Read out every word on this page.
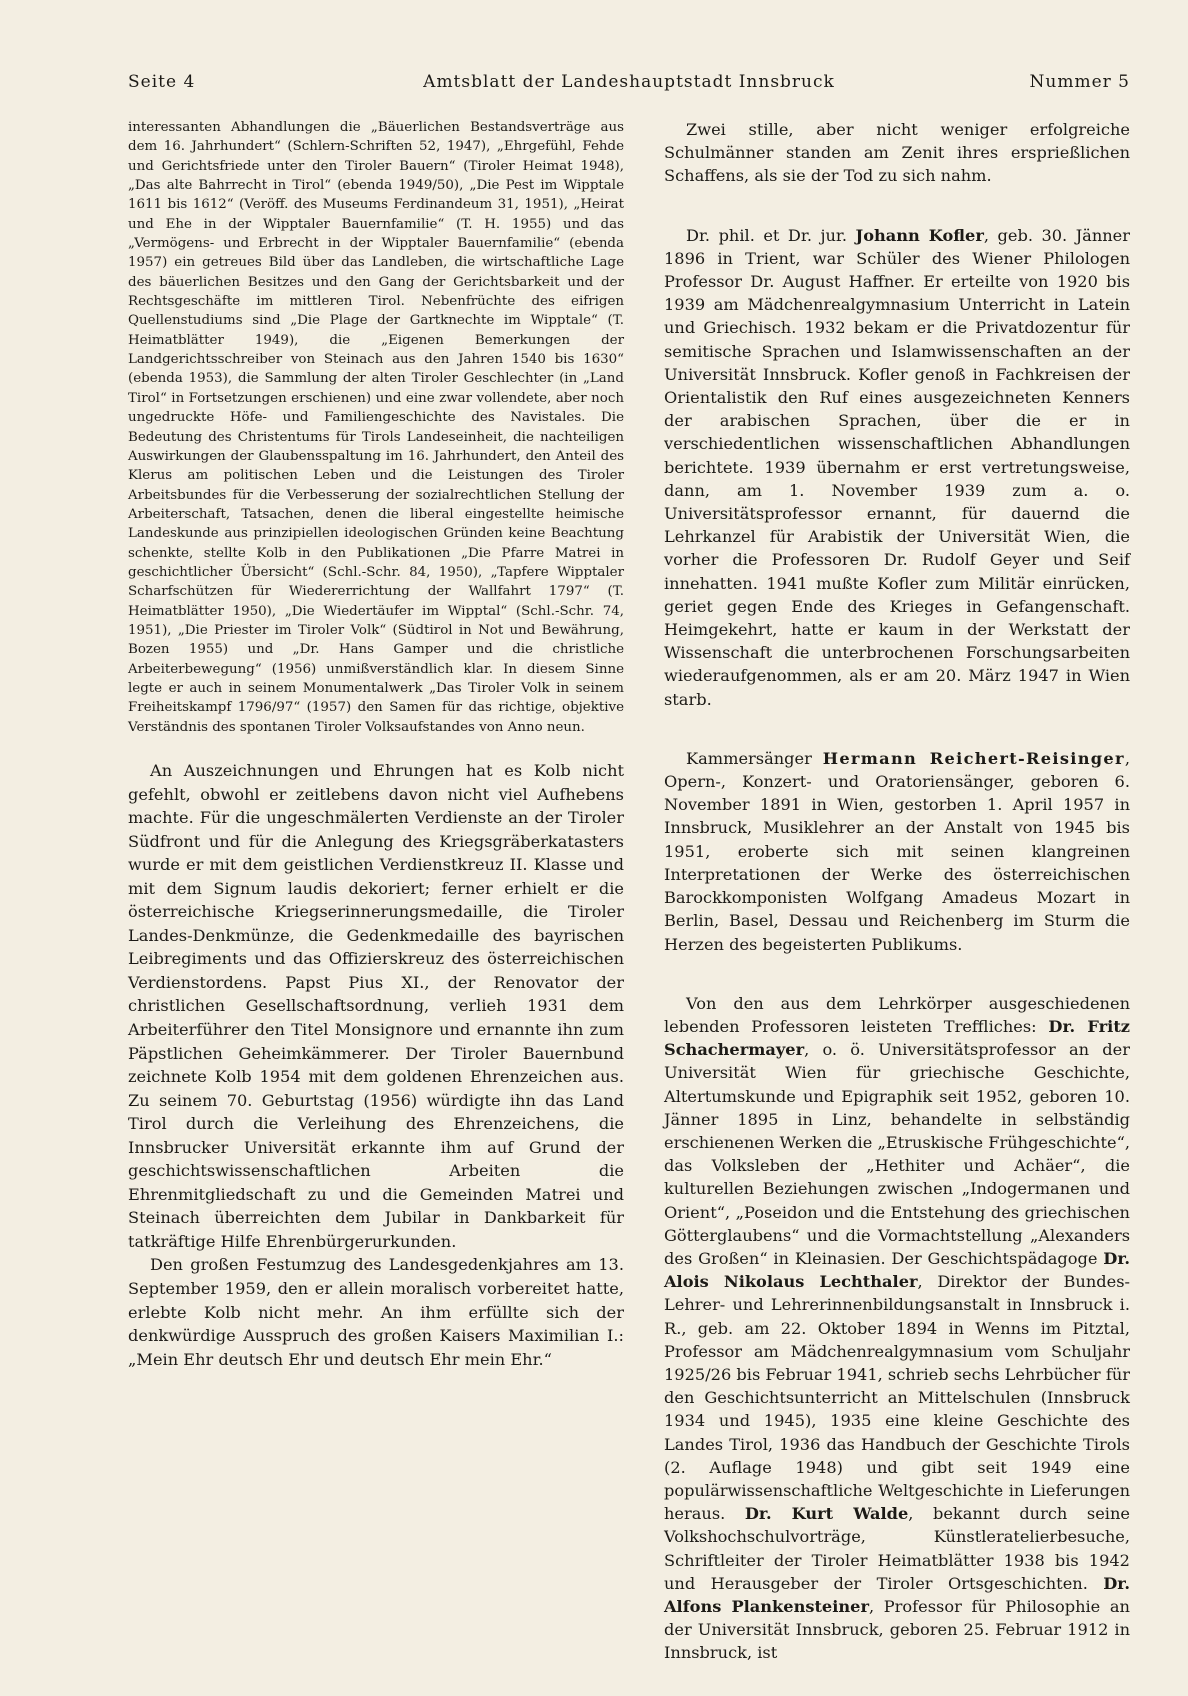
Seite 4	Amtsblatt der Landeshauptstadt Innsbruck	Nummer 5

interessanten Abhandlungen die „Bäuerlichen Bestandsverträge aus dem 16. Jahrhundert“ (Schlern-Schriften 52, 1947), „Ehrgefühl, Fehde und Gerichtsfriede unter den Tiroler Bauern“ (Tiroler Heimat 1948), „Das alte Bahrrecht in Tirol“ (ebenda 1949/50), „Die Pest im Wipptale 1611 bis 1612“ (Veröff. des Museums Ferdinandeum 31, 1951), „Heirat und Ehe in der Wipptaler Bauernfamilie“ (T. H. 1955) und das „Vermögens- und Erbrecht in der Wipptaler Bauernfamilie“ (ebenda 1957) ein getreues Bild über das Landleben, die wirtschaftliche Lage des bäuerlichen Besitzes und den Gang der Gerichtsbarkeit und der Rechtsgeschäfte im mittleren Tirol. Nebenfrüchte des eifrigen Quellenstudiums sind „Die Plage der Gartknechte im Wipptale“ (T. Heimatblätter 1949), die „Eigenen Bemerkungen der Landgerichtsschreiber von Steinach aus den Jahren 1540 bis 1630“ (ebenda 1953), die Sammlung der alten Tiroler Geschlechter (in „Land Tirol“ in Fortsetzungen erschienen) und eine zwar vollendete, aber noch ungedruckte Höfe- und Familiengeschichte des Navistales. Die Bedeutung des Christentums für Tirols Landeseinheit, die nachteiligen Auswirkungen der Glaubensspaltung im 16. Jahrhundert, den Anteil des Klerus am politischen Leben und die Leistungen des Tiroler Arbeitsbundes für die Verbesserung der sozialrechtlichen Stellung der Arbeiterschaft, Tatsachen, denen die liberal eingestellte heimische Landeskunde aus prinzipiellen ideologischen Gründen keine Beachtung schenkte, stellte Kolb in den Publikationen „Die Pfarre Matrei in geschichtlicher Übersicht“ (Schl.-Schr. 84, 1950), „Tapfere Wipptaler Scharfschützen für Wiedererrichtung der Wallfahrt 1797“ (T. Heimatblätter 1950), „Die Wiedertäufer im Wipptal“ (Schl.-Schr. 74, 1951), „Die Priester im Tiroler Volk“ (Südtirol in Not und Bewährung, Bozen 1955) und „Dr. Hans Gamper und die christliche Arbeiterbewegung“ (1956) unmißverständlich klar. In diesem Sinne legte er auch in seinem Monumentalwerk „Das Tiroler Volk in seinem Freiheitskampf 1796/97“ (1957) den Samen für das richtige, objektive Verständnis des spontanen Tiroler Volksaufstandes von Anno neun.

An Auszeichnungen und Ehrungen hat es Kolb nicht gefehlt, obwohl er zeitlebens davon nicht viel Aufhebens machte. Für die ungeschmälerten Verdienste an der Tiroler Südfront und für die Anlegung des Kriegsgräberkatasters wurde er mit dem geistlichen Verdienstkreuz II. Klasse und mit dem Signum laudis dekoriert; ferner erhielt er die österreichische Kriegserinnerungsmedaille, die Tiroler Landes-Denkmünze, die Gedenkmedaille des bayrischen Leibregiments und das Offizierskreuz des österreichischen Verdienstordens. Papst Pius XI., der Renovator der christlichen Gesellschaftsordnung, verlieh 1931 dem Arbeiterführer den Titel Monsignore und ernannte ihn zum Päpstlichen Geheimkämmerer. Der Tiroler Bauernbund zeichnete Kolb 1954 mit dem goldenen Ehrenzeichen aus. Zu seinem 70. Geburtstag (1956) würdigte ihn das Land Tirol durch die Verleihung des Ehrenzeichens, die Innsbrucker Universität erkannte ihm auf Grund der geschichtswissenschaftlichen Arbeiten die Ehrenmitgliedschaft zu und die Gemeinden Matrei und Steinach überreichten dem Jubilar in Dankbarkeit für tatkräftige Hilfe Ehrenbürgerurkunden.

Den großen Festumzug des Landesgedenkjahres am 13. September 1959, den er allein moralisch vorbereitet hatte, erlebte Kolb nicht mehr. An ihm erfüllte sich der denkwürdige Ausspruch des großen Kaisers Maximilian I.: „Mein Ehr deutsch Ehr und deutsch Ehr mein Ehr.“

Zwei stille, aber nicht weniger erfolgreiche Schulmänner standen am Zenit ihres ersprießlichen Schaffens, als sie der Tod zu sich nahm.

Dr. phil. et Dr. jur. Johann Kofler, geb. 30. Jänner 1896 in Trient, war Schüler des Wiener Philologen Professor Dr. August Haffner. Er erteilte von 1920 bis 1939 am Mädchenrealgymnasium Unterricht in Latein und Griechisch. 1932 bekam er die Privatdozentur für semitische Sprachen und Islamwissenschaften an der Universität Innsbruck. Kofler genoß in Fachkreisen der Orientalistik den Ruf eines ausgezeichneten Kenners der arabischen Sprachen, über die er in verschiedentlichen wissenschaftlichen Abhandlungen berichtete. 1939 übernahm er erst vertretungsweise, dann, am 1. November 1939 zum a. o. Universitätsprofessor ernannt, für dauernd die Lehrkanzel für Arabistik der Universität Wien, die vorher die Professoren Dr. Rudolf Geyer und Seif innehatten. 1941 mußte Kofler zum Militär einrücken, geriet gegen Ende des Krieges in Gefangenschaft. Heimgekehrt, hatte er kaum in der Werkstatt der Wissenschaft die unterbrochenen Forschungsarbeiten wiederaufgenommen, als er am 20. März 1947 in Wien starb.

Kammersänger Hermann Reichert-Reisinger, Opern-, Konzert- und Oratoriensänger, geboren 6. November 1891 in Wien, gestorben 1. April 1957 in Innsbruck, Musiklehrer an der Anstalt von 1945 bis 1951, eroberte sich mit seinen klangreinen Interpretationen der Werke des österreichischen Barockkomponisten Wolfgang Amadeus Mozart in Berlin, Basel, Dessau und Reichenberg im Sturm die Herzen des begeisterten Publikums.

Von den aus dem Lehrkörper ausgeschiedenen lebenden Professoren leisteten Treffliches: Dr. Fritz Schachermayer, o. ö. Universitätsprofessor an der Universität Wien für griechische Geschichte, Altertumskunde und Epigraphik seit 1952, geboren 10. Jänner 1895 in Linz, behandelte in selbständig erschienenen Werken die „Etruskische Frühgeschichte“, das Volksleben der „Hethiter und Achäer“, die kulturellen Beziehungen zwischen „Indogermanen und Orient“, „Poseidon und die Entstehung des griechischen Götterglaubens“ und die Vormachtstellung „Alexanders des Großen“ in Kleinasien. Der Geschichtspädagoge Dr. Alois Nikolaus Lechthaler, Direktor der Bundes-Lehrer- und Lehrerinnenbildungsanstalt in Innsbruck i. R., geb. am 22. Oktober 1894 in Wenns im Pitztal, Professor am Mädchenrealgymnasium vom Schuljahr 1925/26 bis Februar 1941, schrieb sechs Lehrbücher für den Geschichtsunterricht an Mittelschulen (Innsbruck 1934 und 1945), 1935 eine kleine Geschichte des Landes Tirol, 1936 das Handbuch der Geschichte Tirols (2. Auflage 1948) und gibt seit 1949 eine populärwissenschaftliche Weltgeschichte in Lieferungen heraus. Dr. Kurt Walde, bekannt durch seine Volkshochschulvorträge, Künstleratelierbesuche, Schriftleiter der Tiroler Heimatblätter 1938 bis 1942 und Herausgeber der Tiroler Ortsgeschichten. Dr. Alfons Plankensteiner, Professor für Philosophie an der Universität Innsbruck, geboren 25. Februar 1912 in Innsbruck, ist
